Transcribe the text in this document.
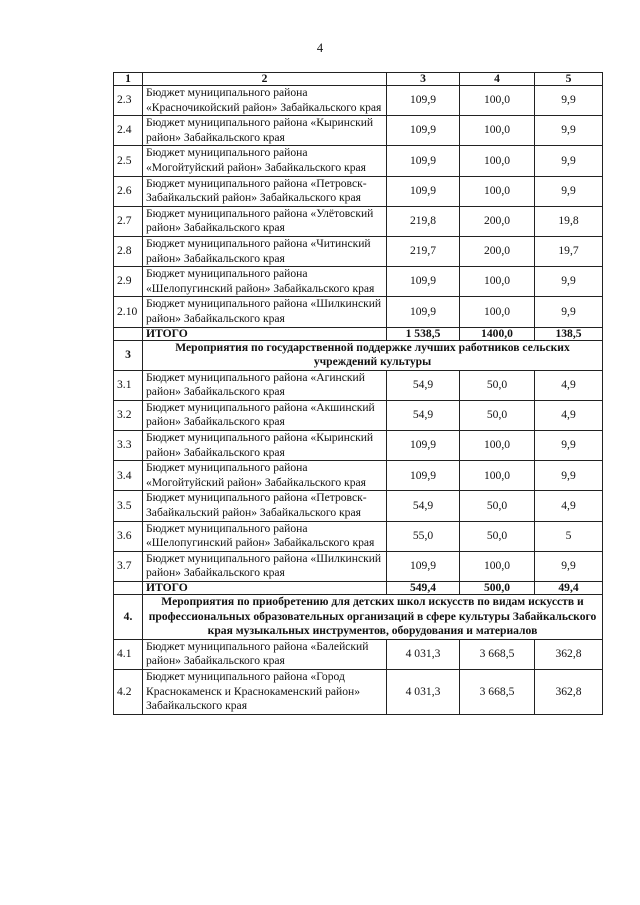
4
1	2	3	4	5
2.3	Бюджет муниципального района «Красночикойский район» Забайкальского края	109,9	100,0	9,9
2.4	Бюджет муниципального района «Кыринский район» Забайкальского края	109,9	100,0	9,9
2.5	Бюджет муниципального района «Могойтуйский район» Забайкальского края	109,9	100,0	9,9
2.6	Бюджет муниципального района «Петровск-Забайкальский район» Забайкальского края	109,9	100,0	9,9
2.7	Бюджет муниципального района «Улётовский район» Забайкальского края	219,8	200,0	19,8
2.8	Бюджет муниципального района «Читинский район» Забайкальского края	219,7	200,0	19,7
2.9	Бюджет муниципального района «Шелопугинский район» Забайкальского края	109,9	100,0	9,9
2.10	Бюджет муниципального района «Шилкинский район» Забайкальского края	109,9	100,0	9,9
	ИТОГО	1 538,5	1400,0	138,5
3	Мероприятия по государственной поддержке лучших работников сельских учреждений культуры			
3.1	Бюджет муниципального района «Агинский район» Забайкальского края	54,9	50,0	4,9
3.2	Бюджет муниципального района «Акшинский район» Забайкальского края	54,9	50,0	4,9
3.3	Бюджет муниципального района «Кыринский район» Забайкальского края	109,9	100,0	9,9
3.4	Бюджет муниципального района «Могойтуйский район» Забайкальского края	109,9	100,0	9,9
3.5	Бюджет муниципального района «Петровск-Забайкальский район» Забайкальского края	54,9	50,0	4,9
3.6	Бюджет муниципального района «Шелопугинский район» Забайкальского края	55,0	50,0	5
3.7	Бюджет муниципального района «Шилкинский район» Забайкальского края	109,9	100,0	9,9
	ИТОГО	549,4	500,0	49,4
4.	Мероприятия по приобретению для детских школ искусств по видам искусств и профессиональных образовательных организаций в сфере культуры Забайкальского края музыкальных инструментов, оборудования и материалов			
4.1	Бюджет муниципального района «Балейский район» Забайкальского края	4 031,3	3 668,5	362,8
4.2	Бюджет муниципального района «Город Краснокаменск и Краснокаменский район» Забайкальского края	4 031,3	3 668,5	362,8
